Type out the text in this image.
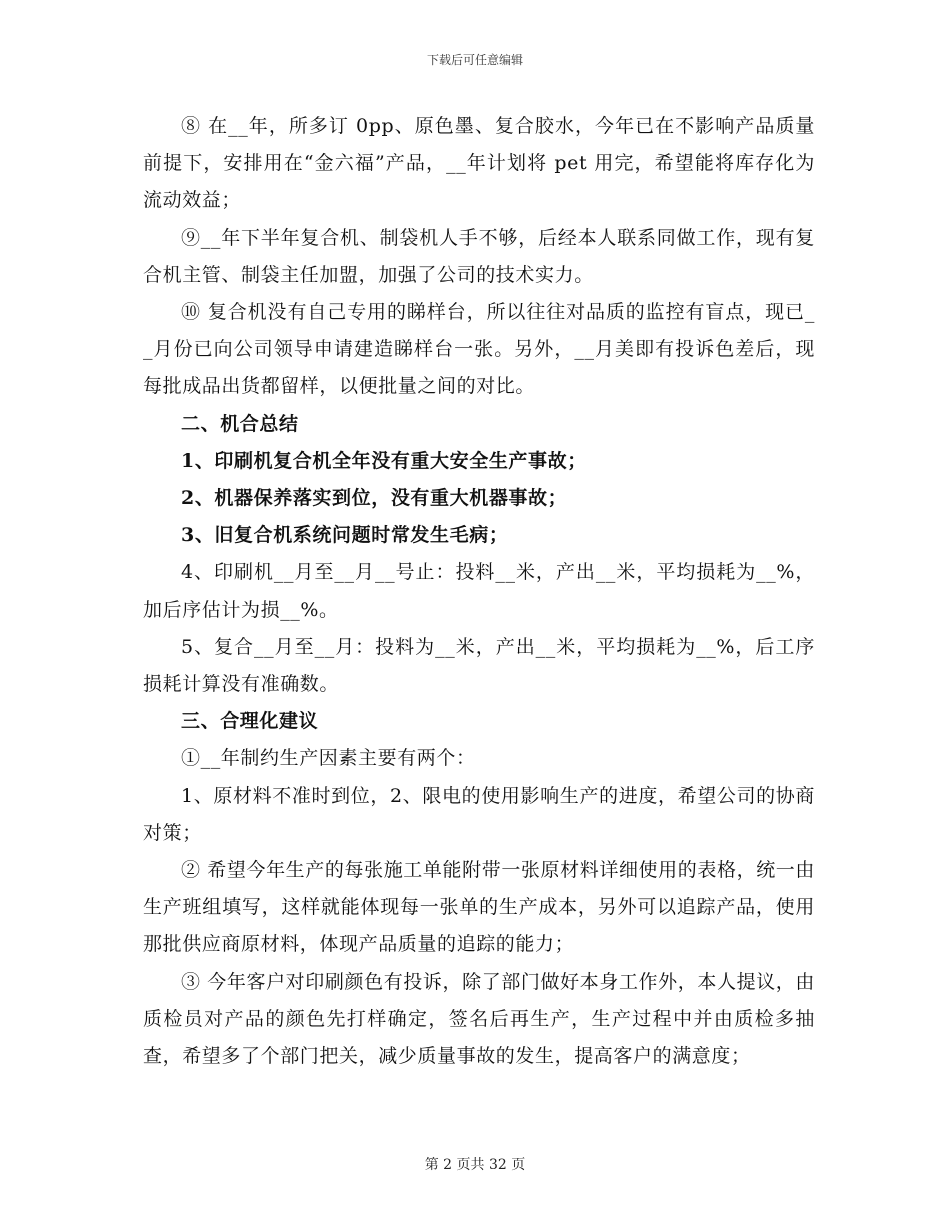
下载后可任意编辑

⑧ 在__年，所多订 0pp、原色墨、复合胶水，今年已在不影响产品质量前提下，安排用在“金六福”产品，__年计划将 pet 用完，希望能将库存化为流动效益；

⑨__年下半年复合机、制袋机人手不够，后经本人联系同做工作，现有复合机主管、制袋主任加盟，加强了公司的技术实力。

⑩ 复合机没有自己专用的睇样台，所以往往对品质的监控有盲点，现已__月份已向公司领导申请建造睇样台一张。另外，__月美即有投诉色差后，现每批成品出货都留样，以便批量之间的对比。

二、机合总结

1、印刷机复合机全年没有重大安全生产事故；

2、机器保养落实到位，没有重大机器事故；

3、旧复合机系统问题时常发生毛病；

4、印刷机__月至__月__号止：投料__米，产出__米，平均损耗为__%，加后序估计为损__%。

5、复合__月至__月：投料为__米，产出__米，平均损耗为__%，后工序损耗计算没有准确数。

三、合理化建议

①__年制约生产因素主要有两个：

1、原材料不准时到位，2、限电的使用影响生产的进度，希望公司的协商对策；

② 希望今年生产的每张施工单能附带一张原材料详细使用的表格，统一由生产班组填写，这样就能体现每一张单的生产成本，另外可以追踪产品，使用那批供应商原材料，体现产品质量的追踪的能力；

③ 今年客户对印刷颜色有投诉，除了部门做好本身工作外，本人提议，由质检员对产品的颜色先打样确定，签名后再生产，生产过程中并由质检多抽查，希望多了个部门把关，减少质量事故的发生，提高客户的满意度；

第 2 页共 32 页
